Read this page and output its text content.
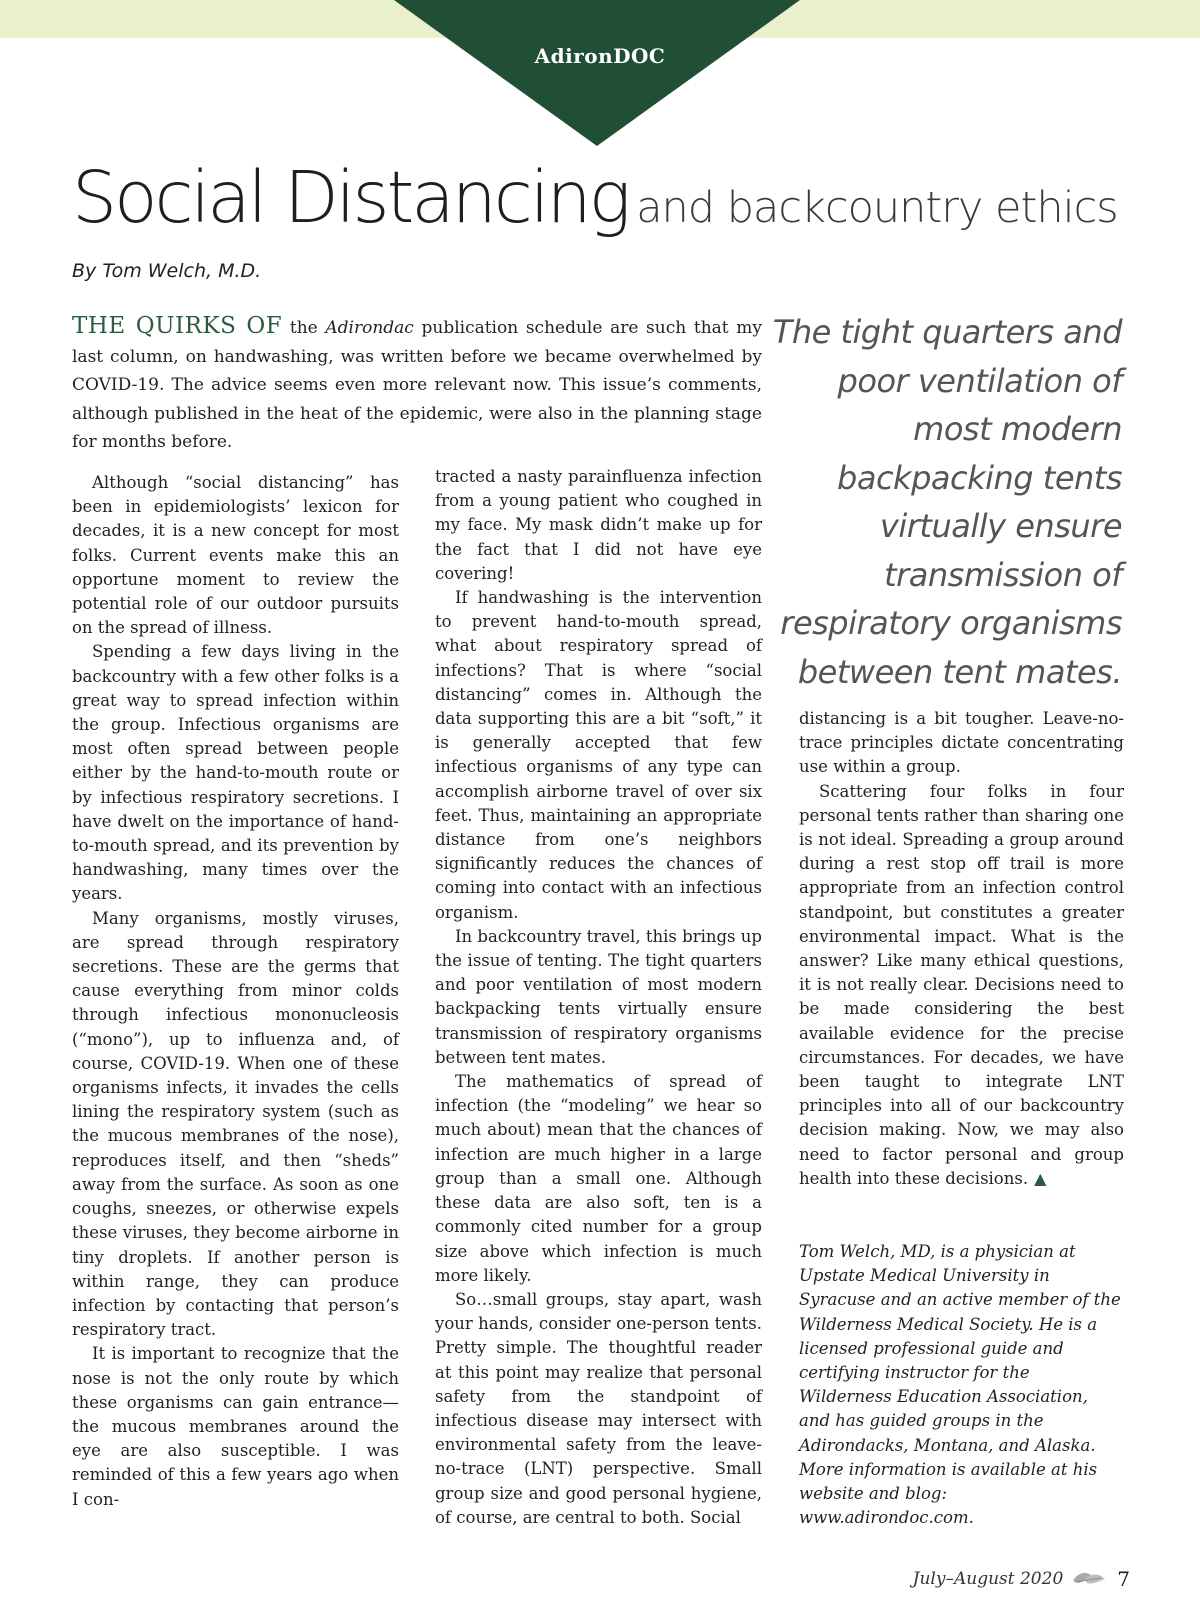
AdironDOC
Social Distancing and backcountry ethics
By Tom Welch, M.D.
THE QUIRKS OF the Adirondac publication schedule are such that my last column, on handwashing, was written before we became overwhelmed by COVID-19. The advice seems even more relevant now. This issue’s comments, although published in the heat of the epidemic, were also in the planning stage for months before.

Although “social distancing” has been in epidemiologists’ lexicon for decades, it is a new concept for most folks. Current events make this an opportune moment to review the potential role of our outdoor pursuits on the spread of illness.

Spending a few days living in the backcountry with a few other folks is a great way to spread infection within the group. Infectious organisms are most often spread between people either by the hand-to-mouth route or by infectious respiratory secretions. I have dwelt on the importance of hand-to-mouth spread, and its prevention by handwashing, many times over the years.

Many organisms, mostly viruses, are spread through respiratory secretions. These are the germs that cause everything from minor colds through infectious mononucleosis (“mono”), up to influenza and, of course, COVID-19. When one of these organisms infects, it invades the cells lining the respiratory system (such as the mucous membranes of the nose), reproduces itself, and then “sheds” away from the surface. As soon as one coughs, sneezes, or otherwise expels these viruses, they become airborne in tiny droplets. If another person is within range, they can produce infection by contacting that person’s respiratory tract.

It is important to recognize that the nose is not the only route by which these organisms can gain entrance—the mucous membranes around the eye are also susceptible. I was reminded of this a few years ago when I con-

tracted a nasty parainfluenza infection from a young patient who coughed in my face. My mask didn’t make up for the fact that I did not have eye covering!

If handwashing is the intervention to prevent hand-to-mouth spread, what about respiratory spread of infections? That is where “social distancing” comes in. Although the data supporting this are a bit “soft,” it is generally accepted that few infectious organisms of any type can accomplish airborne travel of over six feet. Thus, maintaining an appropriate distance from one’s neighbors significantly reduces the chances of coming into contact with an infectious organism.

In backcountry travel, this brings up the issue of tenting. The tight quarters and poor ventilation of most modern backpacking tents virtually ensure transmission of respiratory organisms between tent mates.

The mathematics of spread of infection (the “modeling” we hear so much about) mean that the chances of infection are much higher in a large group than a small one. Although these data are also soft, ten is a commonly cited number for a group size above which infection is much more likely.

So…small groups, stay apart, wash your hands, consider one-person tents. Pretty simple. The thoughtful reader at this point may realize that personal safety from the standpoint of infectious disease may intersect with environmental safety from the leave-no-trace (LNT) perspective. Small group size and good personal hygiene, of course, are central to both. Social

The tight quarters and poor ventilation of most modern backpacking tents virtually ensure transmission of respiratory organisms between tent mates.

distancing is a bit tougher. Leave-no-trace principles dictate concentrating use within a group.

Scattering four folks in four personal tents rather than sharing one is not ideal. Spreading a group around during a rest stop off trail is more appropriate from an infection control standpoint, but constitutes a greater environmental impact. What is the answer? Like many ethical questions, it is not really clear. Decisions need to be made considering the best available evidence for the precise circumstances. For decades, we have been taught to integrate LNT principles into all of our backcountry decision making. Now, we may also need to factor personal and group health into these decisions. ▲

Tom Welch, MD, is a physician at Upstate Medical University in Syracuse and an active member of the Wilderness Medical Society. He is a licensed professional guide and certifying instructor for the Wilderness Education Association, and has guided groups in the Adirondacks, Montana, and Alaska. More information is available at his website and blog: www.adirondoc.com.

July–August 2020	7
